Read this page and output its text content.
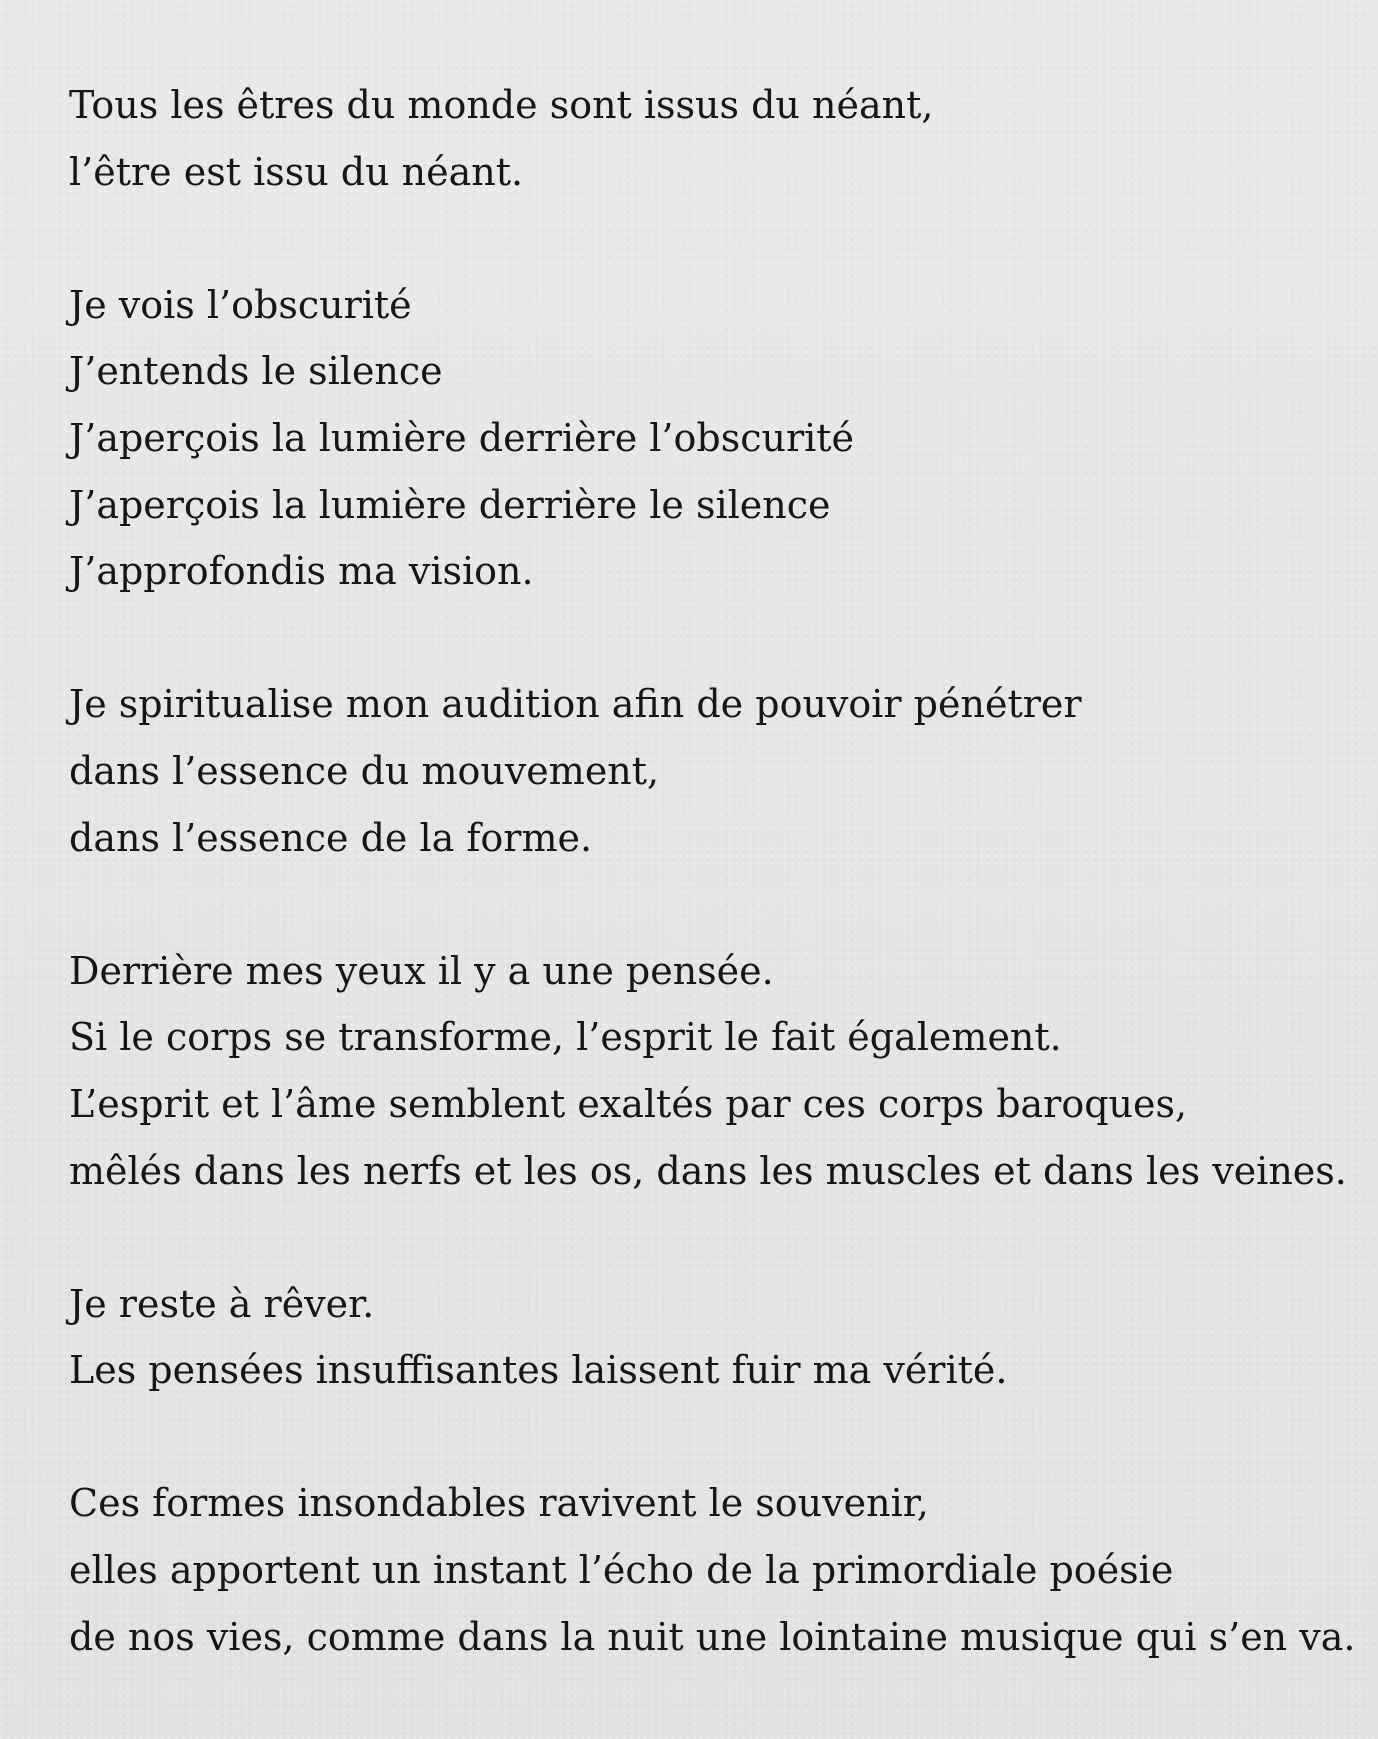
Tous les êtres du monde sont issus du néant,
l’être est issu du néant.
Je vois l’obscurité
J’entends le silence
J’aperçois la lumière derrière l’obscurité
J’aperçois la lumière derrière le silence
J’approfondis ma vision.
Je spiritualise mon audition afin de pouvoir pénétrer
dans l’essence du mouvement,
dans l’essence de la forme.
Derrière mes yeux il y a une pensée.
Si le corps se transforme, l’esprit le fait également.
L’esprit et l’âme semblent exaltés par ces corps baroques,
mêlés dans les nerfs et les os, dans les muscles et dans les veines.
Je reste à rêver.
Les pensées insuffisantes laissent fuir ma vérité.
Ces formes insondables ravivent le souvenir,
elles apportent un instant l’écho de la primordiale poésie
de nos vies, comme dans la nuit une lointaine musique qui s’en va.
